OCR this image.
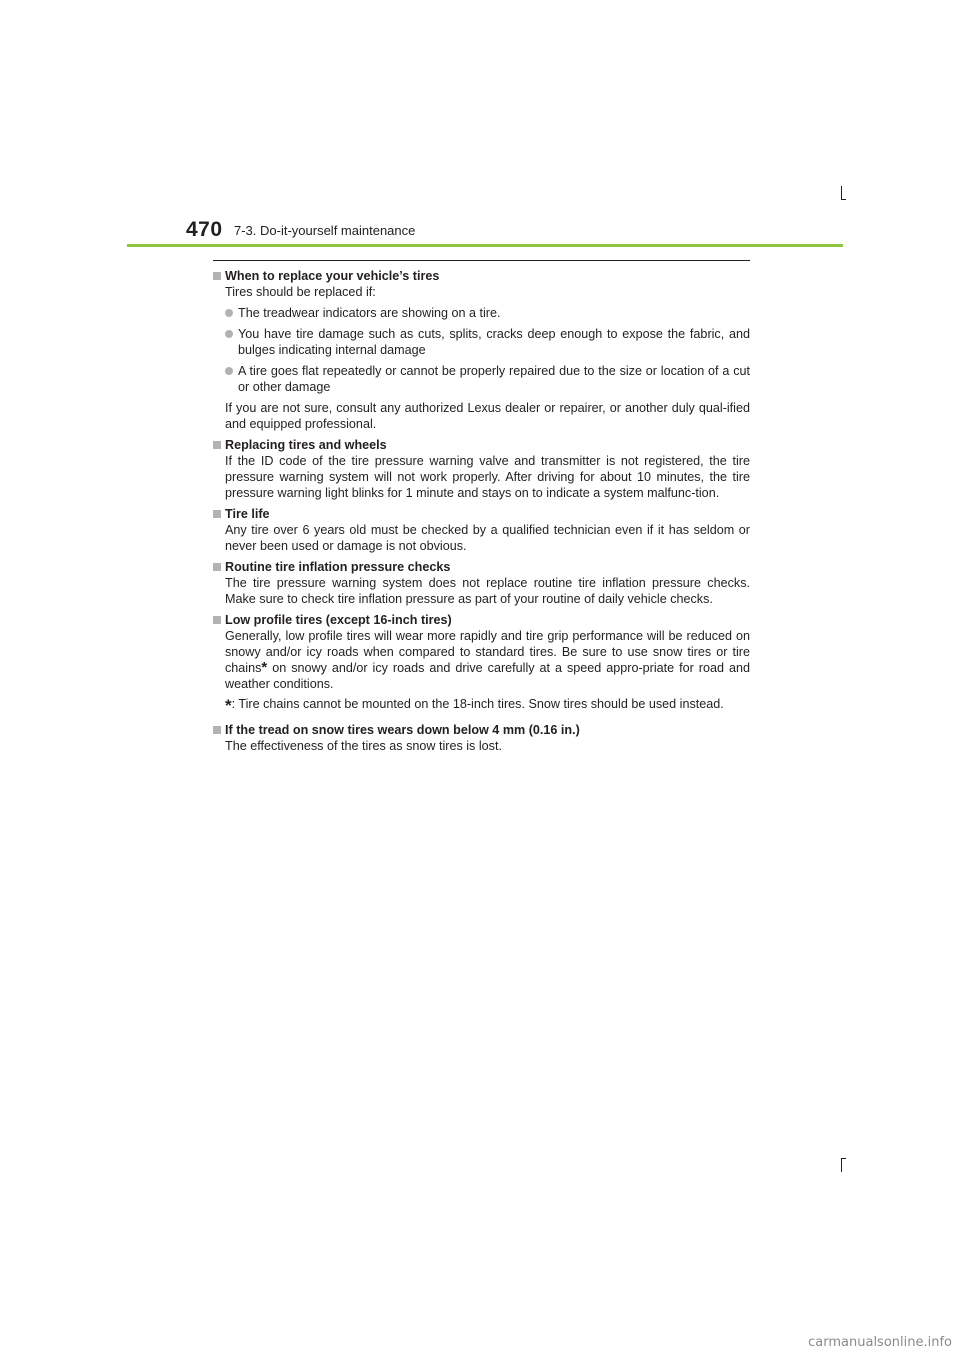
470 7-3. Do-it-yourself maintenance
When to replace your vehicle’s tires
Tires should be replaced if:
The treadwear indicators are showing on a tire.
You have tire damage such as cuts, splits, cracks deep enough to expose the fabric, and bulges indicating internal damage
A tire goes flat repeatedly or cannot be properly repaired due to the size or location of a cut or other damage
If you are not sure, consult any authorized Lexus dealer or repairer, or another duly qual-ified and equipped professional.
Replacing tires and wheels
If the ID code of the tire pressure warning valve and transmitter is not registered, the tire pressure warning system will not work properly. After driving for about 10 minutes, the tire pressure warning light blinks for 1 minute and stays on to indicate a system malfunc-tion.
Tire life
Any tire over 6 years old must be checked by a qualified technician even if it has seldom or never been used or damage is not obvious.
Routine tire inflation pressure checks
The tire pressure warning system does not replace routine tire inflation pressure checks. Make sure to check tire inflation pressure as part of your routine of daily vehicle checks.
Low profile tires (except 16-inch tires)
Generally, low profile tires will wear more rapidly and tire grip performance will be reduced on snowy and/or icy roads when compared to standard tires. Be sure to use snow tires or tire chains* on snowy and/or icy roads and drive carefully at a speed appro-priate for road and weather conditions.
*: Tire chains cannot be mounted on the 18-inch tires. Snow tires should be used instead.
If the tread on snow tires wears down below 4 mm (0.16 in.)
The effectiveness of the tires as snow tires is lost.
carmanualsonline.info
